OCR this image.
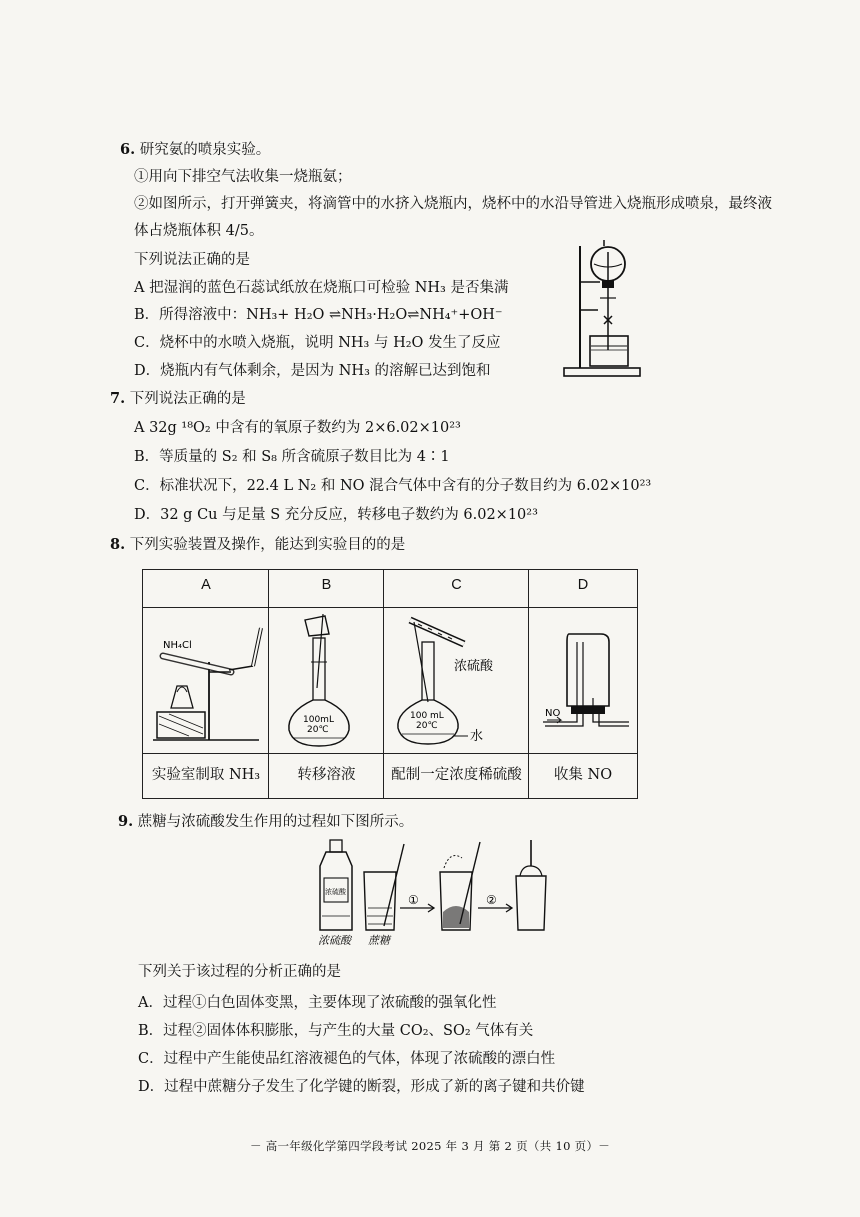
6. 研究氨的喷泉实验。
①用向下排空气法收集一烧瓶氨；
②如图所示，打开弹簧夹，将滴管中的水挤入烧瓶内，烧杯中的水沿导管进入烧瓶形成喷泉，最终液
体占烧瓶体积 4/5。
下列说法正确的是
A 把湿润的蓝色石蕊试纸放在烧瓶口可检验 NH₃ 是否集满
B．所得溶液中：NH₃+ H₂O ⇌NH₃·H₂O⇌NH₄⁺+OH⁻
C．烧杯中的水喷入烧瓶，说明 NH₃ 与 H₂O 发生了反应
D．烧瓶内有气体剩余，是因为 NH₃ 的溶解已达到饱和
7. 下列说法正确的是
A 32g ¹⁸O₂ 中含有的氧原子数约为 2×6.02×10²³
B．等质量的 S₂ 和 S₈ 所含硫原子数目比为 4∶1
C．标准状况下，22.4 L N₂ 和 NO 混合气体中含有的分子数目约为 6.02×10²³
D．32 g Cu 与足量 S 充分反应，转移电子数约为 6.02×10²³
8. 下列实验装置及操作，能达到实验目的的是
A	B	C	D
NH₄Cl
100mL
20℃
浓硫酸
100 mL
20℃
水
NO
实验室制取 NH₃	转移溶液	配制一定浓度稀硫酸	收集 NO
9. 蔗糖与浓硫酸发生作用的过程如下图所示。
浓硫酸
浓硫酸 蔗糖
①	②
下列关于该过程的分析正确的是
A．过程①白色固体变黑，主要体现了浓硫酸的强氧化性
B．过程②固体体积膨胀，与产生的大量 CO₂、SO₂ 气体有关
C．过程中产生能使品红溶液褪色的气体，体现了浓硫酸的漂白性
D．过程中蔗糖分子发生了化学键的断裂，形成了新的离子键和共价键
－ 高一年级化学第四学段考试 2025 年 3 月 第 2 页（共 10 页）－
